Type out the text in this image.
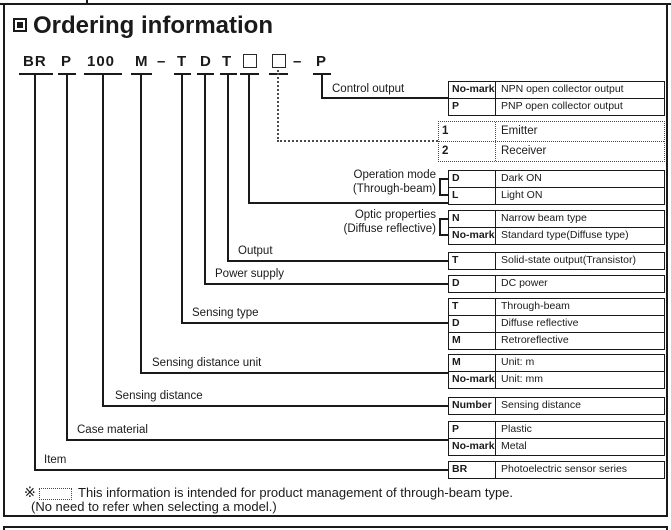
Ordering information
BR P 100 M – T D T	– P
Control output
Operation mode
(Through-beam)
Optic properties
(Diffuse reflective)
Output
Power supply
Sensing type
Sensing distance unit
Sensing distance
Case material
Item
No-mark NPN open collector output
P	PNP open collector output
1	Emitter
2	Receiver
D	Dark ON
L	Light ON
N	Narrow beam type
No-mark Standard type(Diffuse type)
T	Solid-state output(Transistor)
D	DC power
T	Through-beam
D	Diffuse reflective
M	Retroreflective
M	Unit: m
No-mark Unit: mm
Number Sensing distance
P	Plastic
No-mark Metal
BR	Photoelectric sensor series
※	This information is intended for product management of through-beam type.
(No need to refer when selecting a model.)
